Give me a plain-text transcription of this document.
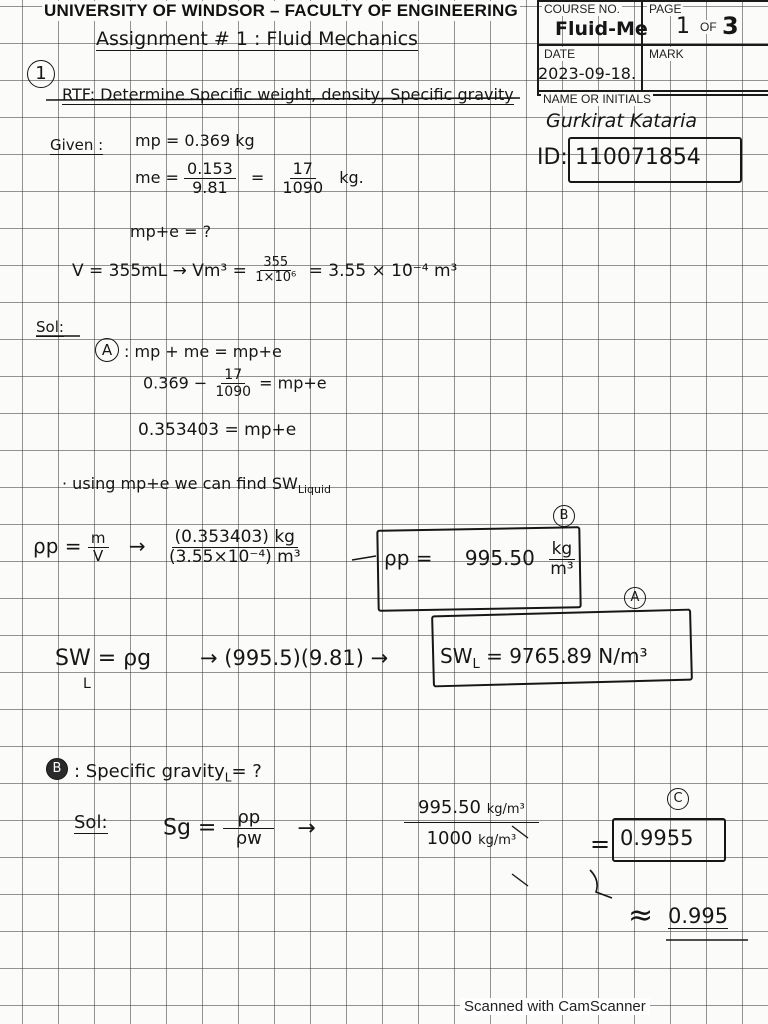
UNIVERSITY OF WINDSOR – FACULTY OF ENGINEERING COURSE NO.
Fluid-Me
PAGE
1 OF 3
DATE
2023-09-18.
MARK
NAME OR INITIALS
Gurkirat Kataria
ID: 110071854
Assignment # 1 : Fluid Mechanics
1
RTF: Determine Specific weight, density, Specific gravity
Given : mp = 0.369 kg
me = $\frac{0.153}{9.81} = \frac{17}{1090}$ kg.
mp+e = ?
$V = 355mL \to Vm^3 = \frac{355}{\text{1×10⁶}} = 3.55 \times 10^{-4}$ m³
Sol:
A : mp + me = mp+e
$0.369 - \frac{17}{1090} = mp+e$
0.353403 = mp+e
· using mp+e we can find $SW_{Liquid}$
$\rho p = \frac{m}{V} \to \frac{(0.353403) kg}{\text{(3.55×10⁻⁴) m³}}$
B
$\rho p = 995.50 \frac{kg}{\text{m³}}$
A
SW = ρg
L
→ (995.5)(9.81) →	$SW_L = 9765.89$ N/m³
B : Specific gravity$_L$= ?
Sol:	$Sg = \frac{\rho p}{\rho w}$ →	$\frac{\text{995.50 kg/m³}}{\text{1000 kg/m³}}$ =
C
0.9955
≈ 0.995
Scanned with CamScanner
